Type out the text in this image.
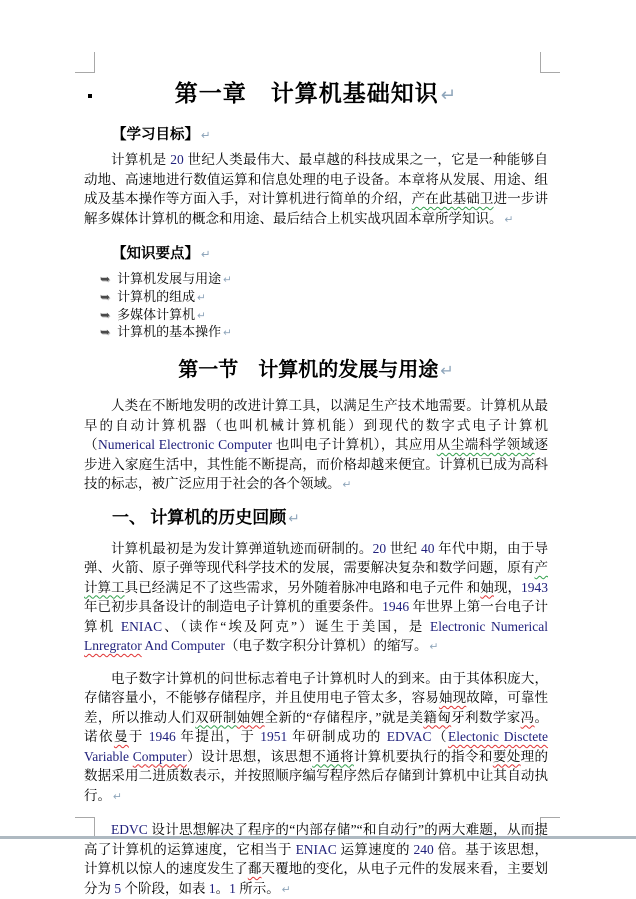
第一章　计算机基础知识 ↵
【学习目标】 ↵

计算机是 20 世纪人类最伟大、最卓越的科技成果之一，它是一种能够自动地、高速地进行数值运算和信息处理的电子设备。本章将从发展、用途、组成及基本操作等方面入手，对计算机进行简单的介绍，产在此基础卫进一步讲解多媒体计算机的概念和用途、最后结合上机实战巩固本章所学知识。 ↵

【知识要点】 ↵
➥ 计算机发展与用途 ↵
➥ 计算机的组成 ↵
➥ 多媒体计算机 ↵
➥ 计算机的基本操作 ↵
第一节　计算机的发展与用途 ↵

人类在不断地发明的改进计算工具，以满足生产技术地需要。计算机从最早的自动计算机器（也叫机械计算机能）到现代的数字式电子计算机（Numerical Electronic Computer 也叫电子计算机），其应用从尘端科学领域逐步进入家庭生活中，其性能不断提高，而价格却越来便宜。计算机已成为高科技的标志，被广泛应用于社会的各个领域。 ↵

一、 计算机的历史回顾 ↵

计算机最初是为发计算弹道轨迹而研制的。20 世纪 40 年代中期，由于导弹、火箭、原子弹等现代科学技术的发展，需要解决复杂和数学问题，原有产计算工具已经满足不了这些需求，另外随着脉冲电路和电子元件 和妯现，1943 年已初步具备设计的制造电子计算机的重要条件。1946 年世界上第一台电子计算机 ENIAC、（读作“埃及阿克”）诞生于美国，是 Electronic Numerical Lnregrator And Computer（电子数字积分计算机）的缩写。 ↵

电子数字计算机的问世标志着电子计算机时人的到来。由于其体积庞大，存储容量小，不能够存储程序，并且使用电子管太多，容易妯现故障，可靠性差，所以推动人们双研制妯娌全新的“存储程序，”就是美籍匈牙利数学家冯。诺依曼于 1946 年提出，于 1951 年研制成功的 EDVAC（Electonic Disctete Variable Computer）设计思想，该思想不通将计算机要执行的指令和要处理的数据采用二进质数表示，并按照顺序编写程序然后存储到计算机中让其自动执行。 ↵

EDVC 设计思想解决了程序的“内部存储”“和自动行”的两大难题，从而提高了计算机的运算速度，它相当于 ENIAC 运算速度的 240 倍。基于该思想，计算机以惊人的速度发生了鄱天覆地的变化，从电子元件的发展来看，主要划分为 5 个阶段，如表 1。1 所示。 ↵
